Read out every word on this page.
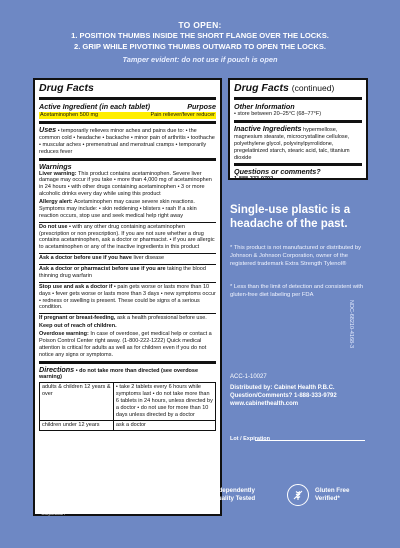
TO OPEN:
1. POSITION THUMBS INSIDE THE SHORT FLANGE OVER THE LOCKS.
2. GRIP WHILE PIVOTING THUMBS OUTWARD TO OPEN THE LOCKS.
Tamper evident: do not use if pouch is open
Drug Facts
Active Ingredient (in each tablet)	Purpose
Acetaminophen 500 mg	Pain reliever/fever reducer

Uses • temporarily relieves minor aches and pains due to: • the common cold • headache • backache • minor pain of arthritis • toothache • muscular aches • premenstrual and menstrual cramps • temporarily reduces fever

Warnings

Liver warning: This product contains acetaminophen. Severe liver damage may occur if you take • more than 4,000 mg of acetaminophen in 24 hours • with other drugs containing acetaminophen • 3 or more alcoholic drinks every day while using this product

Allergy alert: Acetaminophen may cause severe skin reactions. Symptoms may include: • skin reddening • blisters • rash If a skin reaction occurs, stop use and seek medical help right away

Do not use • with any other drug containing acetaminophen (prescription or non prescription). If you are not sure whether a drug contains acetaminophen, ask a doctor or pharmacist. • if you are allergic to acetaminophen or any of the inactive ingredients in this product

Ask a doctor before use if you have liver disease

Ask a doctor or pharmacist before use if you are taking the blood thinning drug warfarin

Stop use and ask a doctor if • pain gets worse or lasts more than 10 days • fever gets worse or lasts more than 3 days • new symptoms occur • redness or swelling is present. These could be signs of a serious condition.

If pregnant or breast-feeding, ask a health professional before use.

Keep out of reach of children.

Overdose warning: In case of overdose, get medical help or contact a Poison Control Center right away. (1-800-222-1222) Quick medical attention is critical for adults as well as for children even if you do not notice any signs or symptoms.

Directions • do not take more than directed (see overdose warning)

adults & children 12 years & over	• take 2 tablets every 6 hours while symptoms last • do not take more than 6 tablets in 24 hours, unless directed by a doctor • do not use for more than 10 days unless directed by a doctor
children under 12 years	ask a doctor
Drug Facts (continued)
Other Information

• store between 20–25°C (68–77°F)

Inactive Ingredients hypermellose, magnesium stearate, microcrystalline cellulose, polyethylene glycol, polyvinylpyrrolidone, pregelatinized starch, stearic acid, talc, titanium dioxide

Questions or comments?

1-888-333-9792

Single-use plastic is a headache of the past.
* This product is not manufactured or distributed by Johnson & Johnson Corporation, owner of the registered trademark Extra Strength Tylenol®
* Less than the limit of detection and consistent with gluten-free diet labeling per FDA
NDC-68210-4168-3
ACC-1-10027
Distributed by: Cabinet Health P.B.C.
Question/Comments? 1-888-333-9792
www.cabinethealth.com
Lot / Expiration
Certified
B
Corporation
Compostable
& Plastic Free
Independently
Quality Tested
Gluten Free
Verified*
